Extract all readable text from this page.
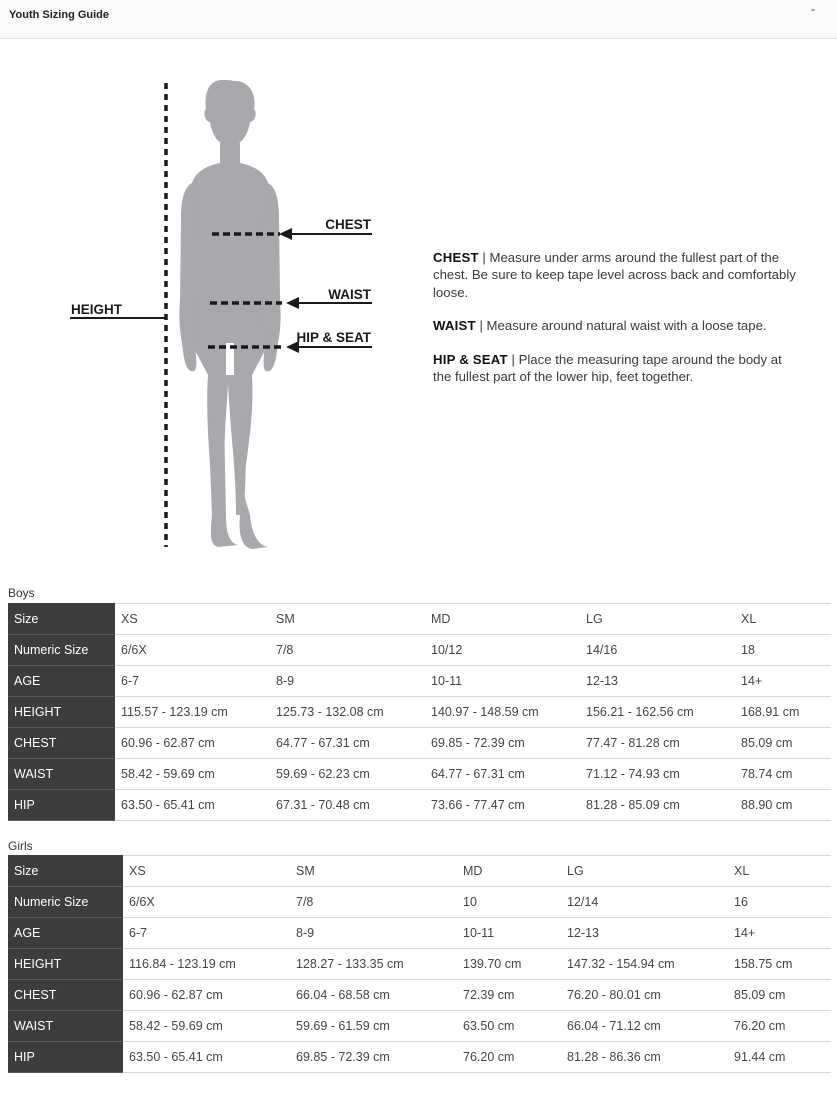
Youth Sizing Guide	-
CHEST
WAIST
HIP & SEAT
HEIGHT

CHEST | Measure under arms around the fullest part of the chest. Be sure to keep tape level across back and comfortably loose.

WAIST | Measure around natural waist with a loose tape.

HIP & SEAT | Place the measuring tape around the body at the fullest part of the lower hip, feet together.

Boys
Size	XS	SM	MD	LG	XL
Numeric Size	6/6X	7/8	10/12	14/16	18
AGE	6-7	8-9	10-11	12-13	14+
HEIGHT	115.57 - 123.19 cm	125.73 - 132.08 cm	140.97 - 148.59 cm	156.21 - 162.56 cm	168.91 cm
CHEST	60.96 - 62.87 cm	64.77 - 67.31 cm	69.85 - 72.39 cm	77.47 - 81.28 cm	85.09 cm
WAIST	58.42 - 59.69 cm	59.69 - 62.23 cm	64.77 - 67.31 cm	71.12 - 74.93 cm	78.74 cm
HIP	63.50 - 65.41 cm	67.31 - 70.48 cm	73.66 - 77.47 cm	81.28 - 85.09 cm	88.90 cm
Girls
Size	XS	SM	MD	LG	XL
Numeric Size	6/6X	7/8	10	12/14	16
AGE	6-7	8-9	10-11	12-13	14+
HEIGHT	116.84 - 123.19 cm	128.27 - 133.35 cm	139.70 cm	147.32 - 154.94 cm	158.75 cm
CHEST	60.96 - 62.87 cm	66.04 - 68.58 cm	72.39 cm	76.20 - 80.01 cm	85.09 cm
WAIST	58.42 - 59.69 cm	59.69 - 61.59 cm	63.50 cm	66.04 - 71.12 cm	76.20 cm
HIP	63.50 - 65.41 cm	69.85 - 72.39 cm	76.20 cm	81.28 - 86.36 cm	91.44 cm
